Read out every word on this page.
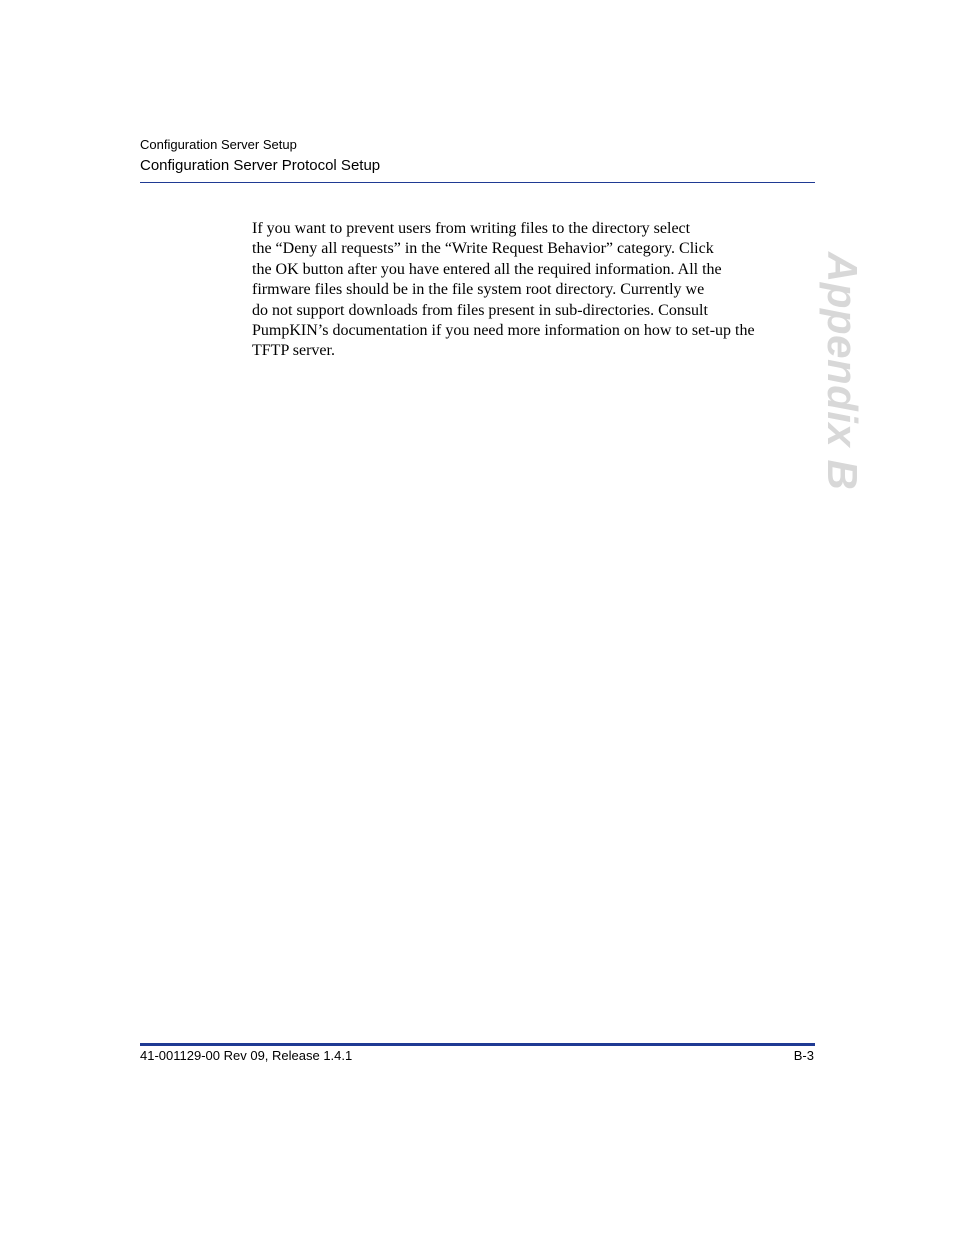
Configuration Server Setup
Configuration Server Protocol Setup
If you want to prevent users from writing files to the directory select
the “Deny all requests” in the “Write Request Behavior” category. Click
the OK button after you have entered all the required information. All the
firmware files should be in the file system root directory. Currently we
do not support downloads from files present in sub-directories. Consult
PumpKIN’s documentation if you need more information on how to set-up the
TFTP server.	Appendix B
41-001129-00 Rev 09, Release 1.4.1	B-3
